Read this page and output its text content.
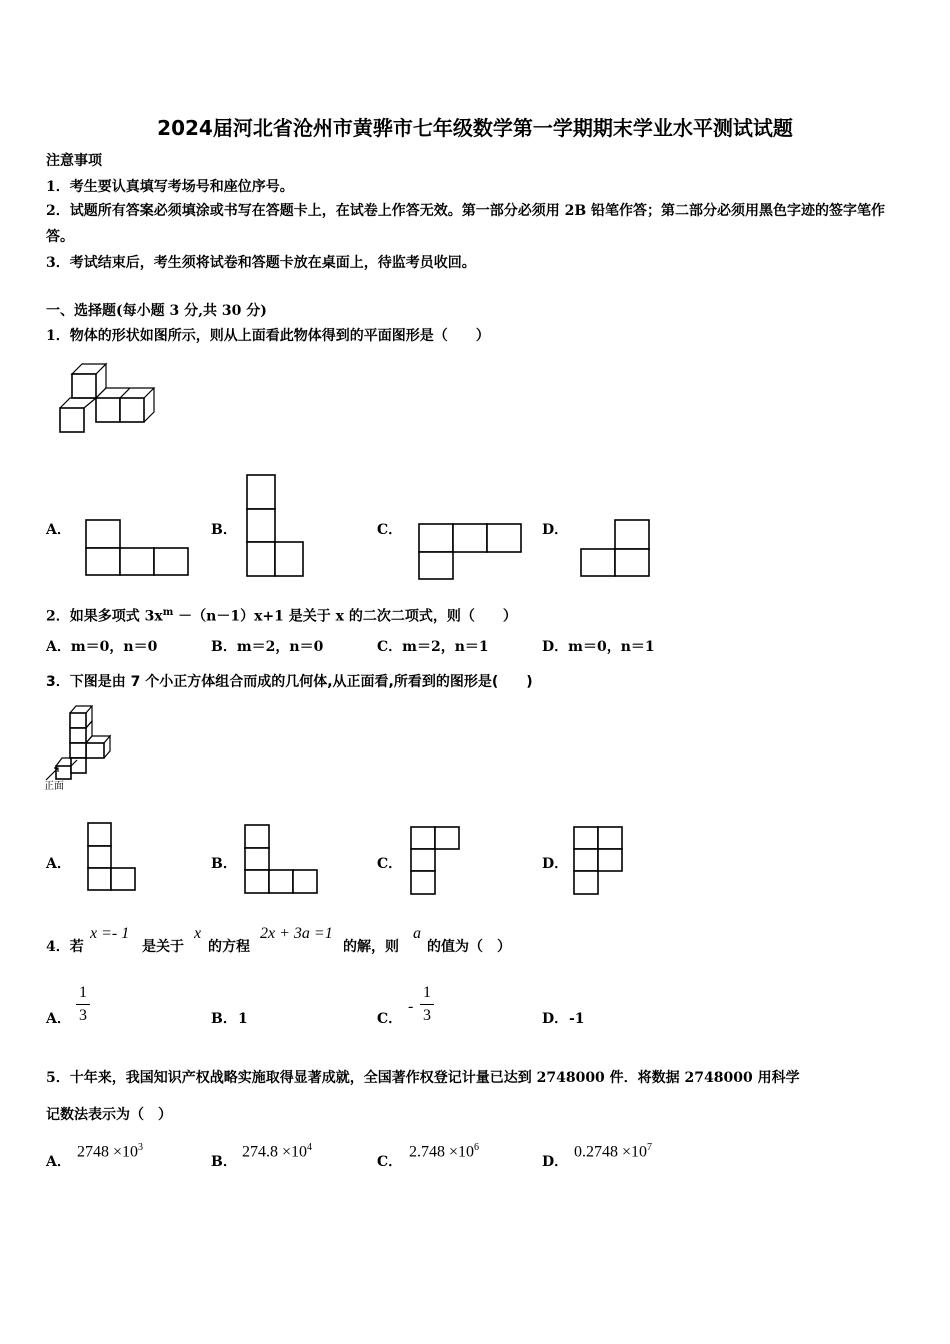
2024届河北省沧州市黄骅市七年级数学第一学期期末学业水平测试试题
注意事项
1．考生要认真填写考场号和座位序号。
2．试题所有答案必须填涂或书写在答题卡上，在试卷上作答无效。第一部分必须用 2B 铅笔作答；第二部分必须用黑色字迹的签字笔作答。
3．考试结束后，考生须将试卷和答题卡放在桌面上，待监考员收回。
一、选择题(每小题 3 分,共 30 分)
1．物体的形状如图所示，则从上面看此物体得到的平面图形是（　　）
A．	B．	C．	D．
2．如果多项式 $3x^m -(n-1)x+1$ 是关于 x 的二次二项式，则（　　）
A．m＝0，n＝0	B．m＝2，n＝0	C．m＝2，n＝1	D．m＝0，n＝1
3．下图是由 7 个小正方体组合而成的几何体,从正面看,所看到的图形是(　　)
正面
A．	B．	C．	D．
4．若
x =- 1
是关于
x
的方程
2x + 3a =1
的解，则
a
的值为（　）
A．
1
3	B． 1	C．
-
1
3	D． -1
5．十年来，我国知识产权战略实施取得显著成就，全国著作权登记计量已达到 2748000 件．将数据 2748000 用科学
记数法表示为（　）
A．
$2748 \times 10^3$
B．
$274.8 \times 10^4$
C．
$2.748 \times 10^6$
D．
$0.2748 \times 10^7$
